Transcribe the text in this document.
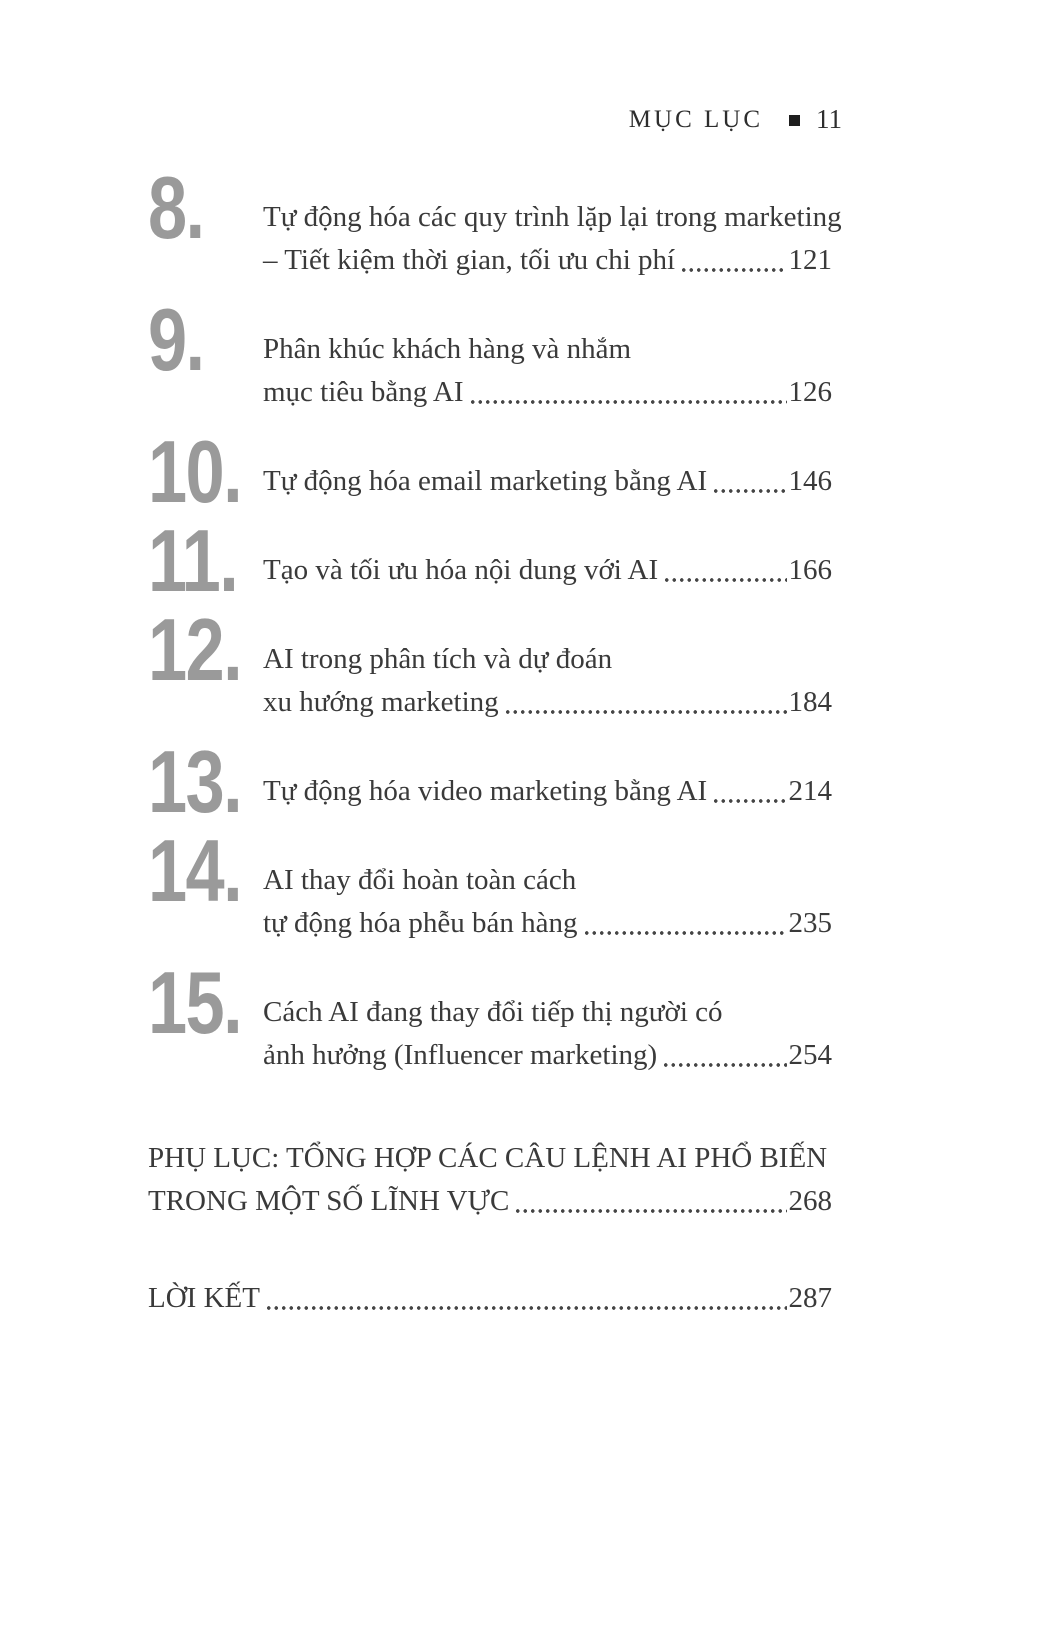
MỤC LỤC 11
8. Tự động hóa các quy trình lặp lại trong marketing
– Tiết kiệm thời gian, tối ưu chi phí	121
9. Phân khúc khách hàng và nhắm
mục tiêu bằng AI	126
10. Tự động hóa email marketing bằng AI	146
11. Tạo và tối ưu hóa nội dung với AI	166
12. AI trong phân tích và dự đoán
xu hướng marketing	184
13. Tự động hóa video marketing bằng AI	214
14. AI thay đổi hoàn toàn cách
tự động hóa phễu bán hàng	235
15. Cách AI đang thay đổi tiếp thị người có
ảnh hưởng (Influencer marketing)	254
PHỤ LỤC: TỔNG HỢP CÁC CÂU LỆNH AI PHỔ BIẾN
TRONG MỘT SỐ LĨNH VỰC	268
LỜI KẾT	287
